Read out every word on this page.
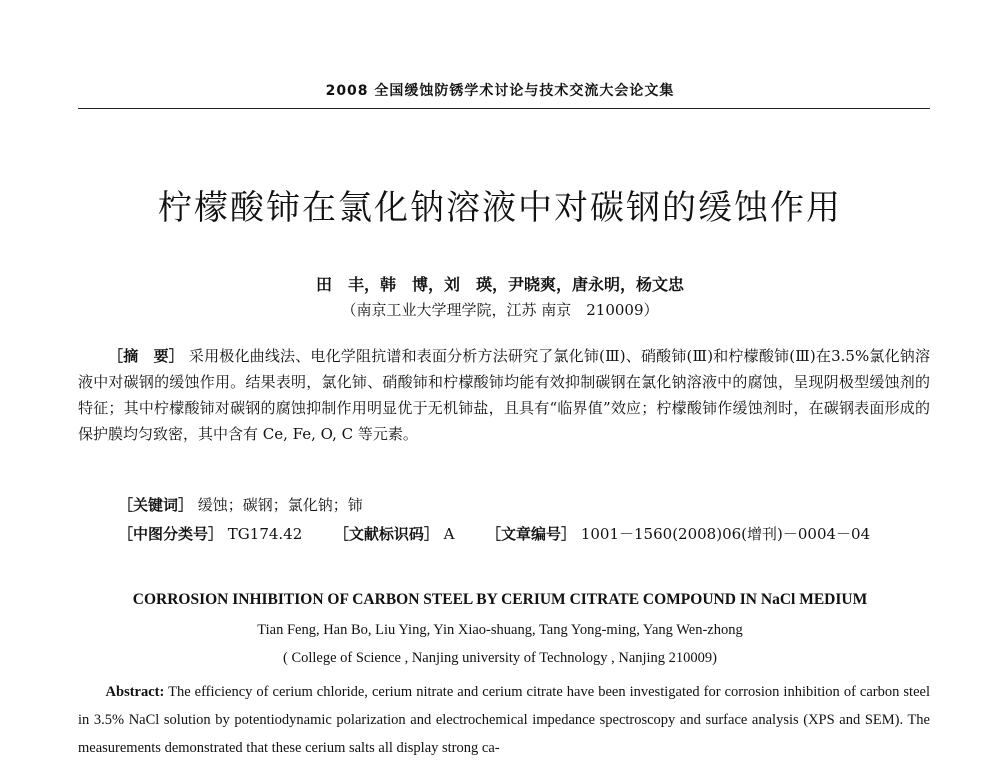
2008 全国缓蚀防锈学术讨论与技术交流大会论文集
柠檬酸铈在氯化钠溶液中对碳钢的缓蚀作用
田　丰，韩　博，刘　瑛，尹晓爽，唐永明，杨文忠
（南京工业大学理学院，江苏 南京　210009）
［摘　要］ 采用极化曲线法、电化学阻抗谱和表面分析方法研究了氯化铈(Ⅲ)、硝酸铈(Ⅲ)和柠檬酸铈(Ⅲ)在3.5%氯化钠溶液中对碳钢的缓蚀作用。结果表明，氯化铈、硝酸铈和柠檬酸铈均能有效抑制碳钢在氯化钠溶液中的腐蚀，呈现阴极型缓蚀剂的特征；其中柠檬酸铈对碳钢的腐蚀抑制作用明显优于无机铈盐，且具有“临界值”效应；柠檬酸铈作缓蚀剂时，在碳钢表面形成的保护膜均匀致密，其中含有 Ce, Fe, O, C 等元素。
［关键词］ 缓蚀；碳钢；氯化钠；铈
［中图分类号］ TG174.42 ［文献标识码］ A ［文章编号］ 1001－1560(2008)06(增刊)－0004－04
CORROSION INHIBITION OF CARBON STEEL BY CERIUM CITRATE COMPOUND IN NaCl MEDIUM
Tian Feng, Han Bo, Liu Ying, Yin Xiao-shuang, Tang Yong-ming, Yang Wen-zhong
( College of Science , Nanjing university of Technology , Nanjing 210009)
Abstract: The efficiency of cerium chloride, cerium nitrate and cerium citrate have been investigated for corrosion inhibition of carbon steel in 3.5% NaCl solution by potentiodynamic polarization and electrochemical impedance spectroscopy and surface analysis (XPS and SEM). The measurements demonstrated that these cerium salts all display strong ca-
